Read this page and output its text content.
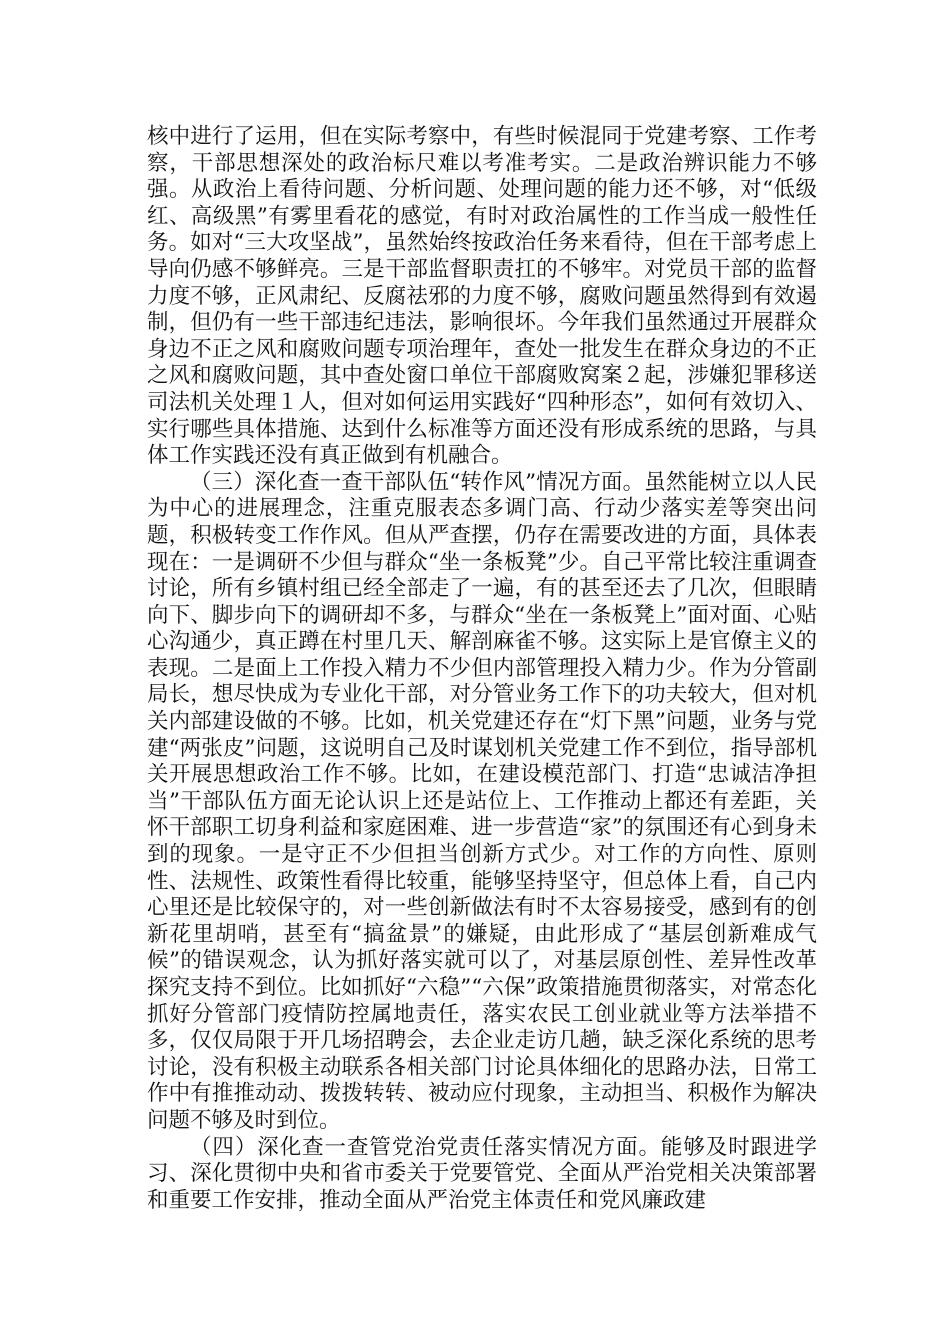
核中进行了运用，但在实际考察中，有些时候混同于党建考察、工作考察，干部思想深处的政治标尺难以考准考实。二是政治辨识能力不够强。从政治上看待问题、分析问题、处理问题的能力还不够，对“低级红、高级黑”有雾里看花的感觉，有时对政治属性的工作当成一般性任务。如对“三大攻坚战”，虽然始终按政治任务来看待，但在干部考虑上导向仍感不够鲜亮。三是干部监督职责扛的不够牢。对党员干部的监督力度不够，正风肃纪、反腐祛邪的力度不够，腐败问题虽然得到有效遏制，但仍有一些干部违纪违法，影响很坏。今年我们虽然通过开展群众身边不正之风和腐败问题专项治理年，查处一批发生在群众身边的不正之风和腐败问题，其中查处窗口单位干部腐败窝案２起，涉嫌犯罪移送司法机关处理１人，但对如何运用实践好“四种形态”，如何有效切入、实行哪些具体措施、达到什么标准等方面还没有形成系统的思路，与具体工作实践还没有真正做到有机融合。

（三）深化查一查干部队伍“转作风”情况方面。虽然能树立以人民为中心的进展理念，注重克服表态多调门高、行动少落实差等突出问题，积极转变工作作风。但从严查摆，仍存在需要改进的方面，具体表现在：一是调研不少但与群众“坐一条板凳”少。自己平常比较注重调查讨论，所有乡镇村组已经全部走了一遍，有的甚至还去了几次，但眼睛向下、脚步向下的调研却不多，与群众“坐在一条板凳上”面对面、心贴心沟通少，真正蹲在村里几天、解剖麻雀不够。这实际上是官僚主义的表现。二是面上工作投入精力不少但内部管理投入精力少。作为分管副局长，想尽快成为专业化干部，对分管业务工作下的功夫较大，但对机关内部建设做的不够。比如，机关党建还存在“灯下黑”问题，业务与党建“两张皮”问题，这说明自己及时谋划机关党建工作不到位，指导部机关开展思想政治工作不够。比如，在建设模范部门、打造“忠诚洁净担当”干部队伍方面无论认识上还是站位上、工作推动上都还有差距，关怀干部职工切身利益和家庭困难、进一步营造“家”的氛围还有心到身未到的现象。一是守正不少但担当创新方式少。对工作的方向性、原则性、法规性、政策性看得比较重，能够坚持坚守，但总体上看，自己内心里还是比较保守的，对一些创新做法有时不太容易接受，感到有的创新花里胡哨，甚至有“搞盆景”的嫌疑，由此形成了“基层创新难成气候”的错误观念，认为抓好落实就可以了，对基层原创性、差异性改革探究支持不到位。比如抓好“六稳”“六保”政策措施贯彻落实，对常态化抓好分管部门疫情防控属地责任，落实农民工创业就业等方法举措不多，仅仅局限于开几场招聘会，去企业走访几趟，缺乏深化系统的思考讨论，没有积极主动联系各相关部门讨论具体细化的思路办法，日常工作中有推推动动、拨拨转转、被动应付现象，主动担当、积极作为解决问题不够及时到位。

（四）深化查一查管党治党责任落实情况方面。能够及时跟进学习、深化贯彻中央和省市委关于党要管党、全面从严治党相关决策部署和重要工作安排，推动全面从严治党主体责任和党风廉政建
